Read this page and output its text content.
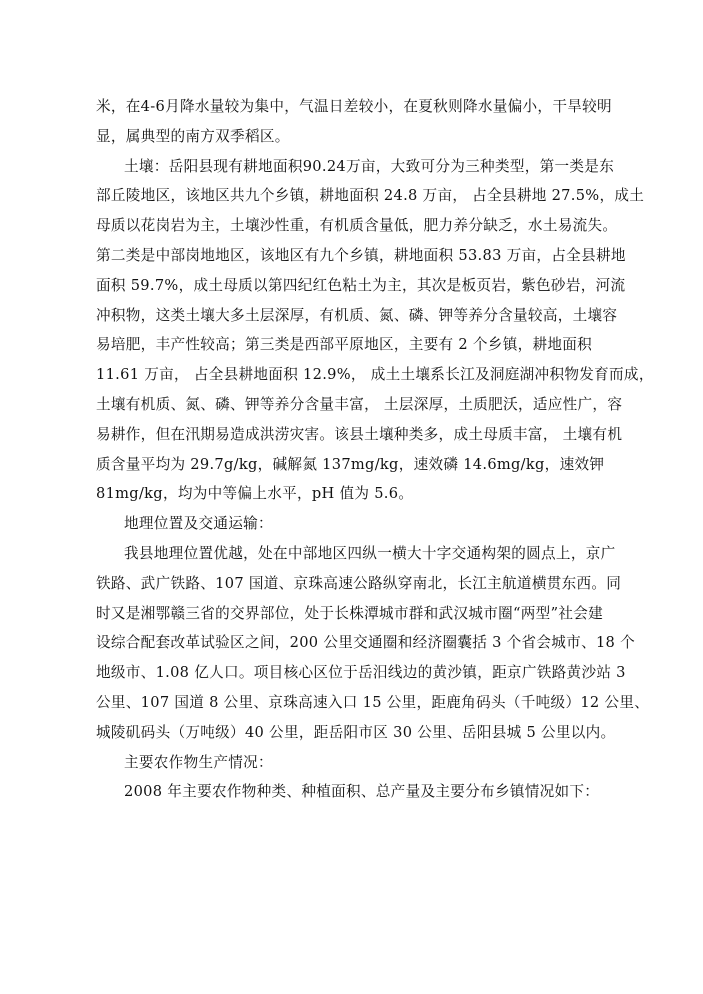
米，在4-6月降水量较为集中，气温日差较小，在夏秋则降水量偏小，干旱较明
显，属典型的南方双季稻区。
土壤：岳阳县现有耕地面积90.24万亩，大致可分为三种类型，第一类是东
部丘陵地区，该地区共九个乡镇，耕地面积 24.8 万亩， 占全县耕地 27.5%，成土
母质以花岗岩为主，土壤沙性重，有机质含量低，肥力养分缺乏，水土易流失。
第二类是中部岗地地区，该地区有九个乡镇，耕地面积 53.83 万亩，占全县耕地
面积 59.7%，成土母质以第四纪红色粘土为主，其次是板页岩，紫色砂岩，河流
冲积物，这类土壤大多土层深厚，有机质、氮、磷、钾等养分含量较高，土壤容
易培肥，丰产性较高；第三类是西部平原地区，主要有 2 个乡镇，耕地面积
11.61 万亩， 占全县耕地面积 12.9%， 成土土壤系长江及洞庭湖冲积物发育而成，
土壤有机质、氮、磷、钾等养分含量丰富， 土层深厚，土质肥沃，适应性广，容
易耕作，但在汛期易造成洪涝灾害。该县土壤种类多，成土母质丰富， 土壤有机
质含量平均为 29.7g/kg，碱解氮 137mg/kg，速效磷 14.6mg/kg，速效钾
81mg/kg，均为中等偏上水平，pH 值为 5.6。
地理位置及交通运输：
我县地理位置优越，处在中部地区四纵一横大十字交通构架的圆点上，京广
铁路、武广铁路、107 国道、京珠高速公路纵穿南北，长江主航道横贯东西。同
时又是湘鄂赣三省的交界部位，处于长株潭城市群和武汉城市圈“两型”社会建
设综合配套改革试验区之间，200 公里交通圈和经济圈囊括 3 个省会城市、18 个
地级市、1.08 亿人口。项目核心区位于岳汨线边的黄沙镇，距京广铁路黄沙站 3
公里、107 国道 8 公里、京珠高速入口 15 公里，距鹿角码头（千吨级）12 公里、
城陵矶码头（万吨级）40 公里，距岳阳市区 30 公里、岳阳县城 5 公里以内。
主要农作物生产情况：
2008 年主要农作物种类、种植面积、总产量及主要分布乡镇情况如下：
